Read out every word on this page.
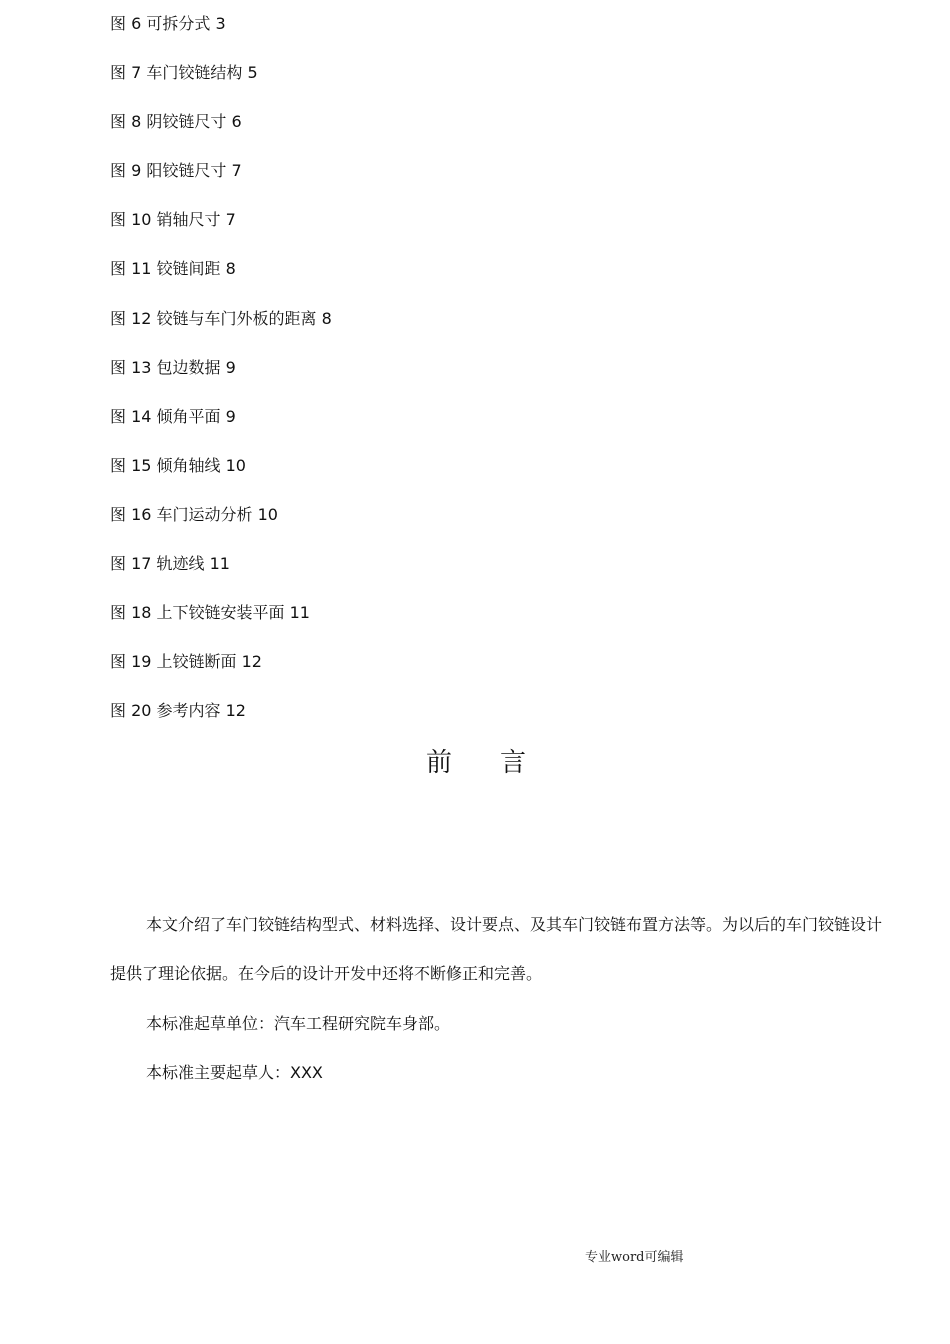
图 6 可拆分式 3
图 7 车门铰链结构 5
图 8 阴铰链尺寸 6
图 9 阳铰链尺寸 7
图 10 销轴尺寸 7
图 11 铰链间距 8
图 12 铰链与车门外板的距离 8
图 13 包边数据 9
图 14 倾角平面 9
图 15 倾角轴线 10
图 16 车门运动分析 10
图 17 轨迹线 11
图 18 上下铰链安装平面 11
图 19 上铰链断面 12
图 20 参考内容 12
前言

本文介绍了车门铰链结构型式、材料选择、设计要点、及其车门铰链布置方法等。为以后的车门铰链设计提供了理论依据。在今后的设计开发中还将不断修正和完善。

本标准起草单位：汽车工程研究院车身部。

本标准主要起草人：XXX

专业word可编辑
